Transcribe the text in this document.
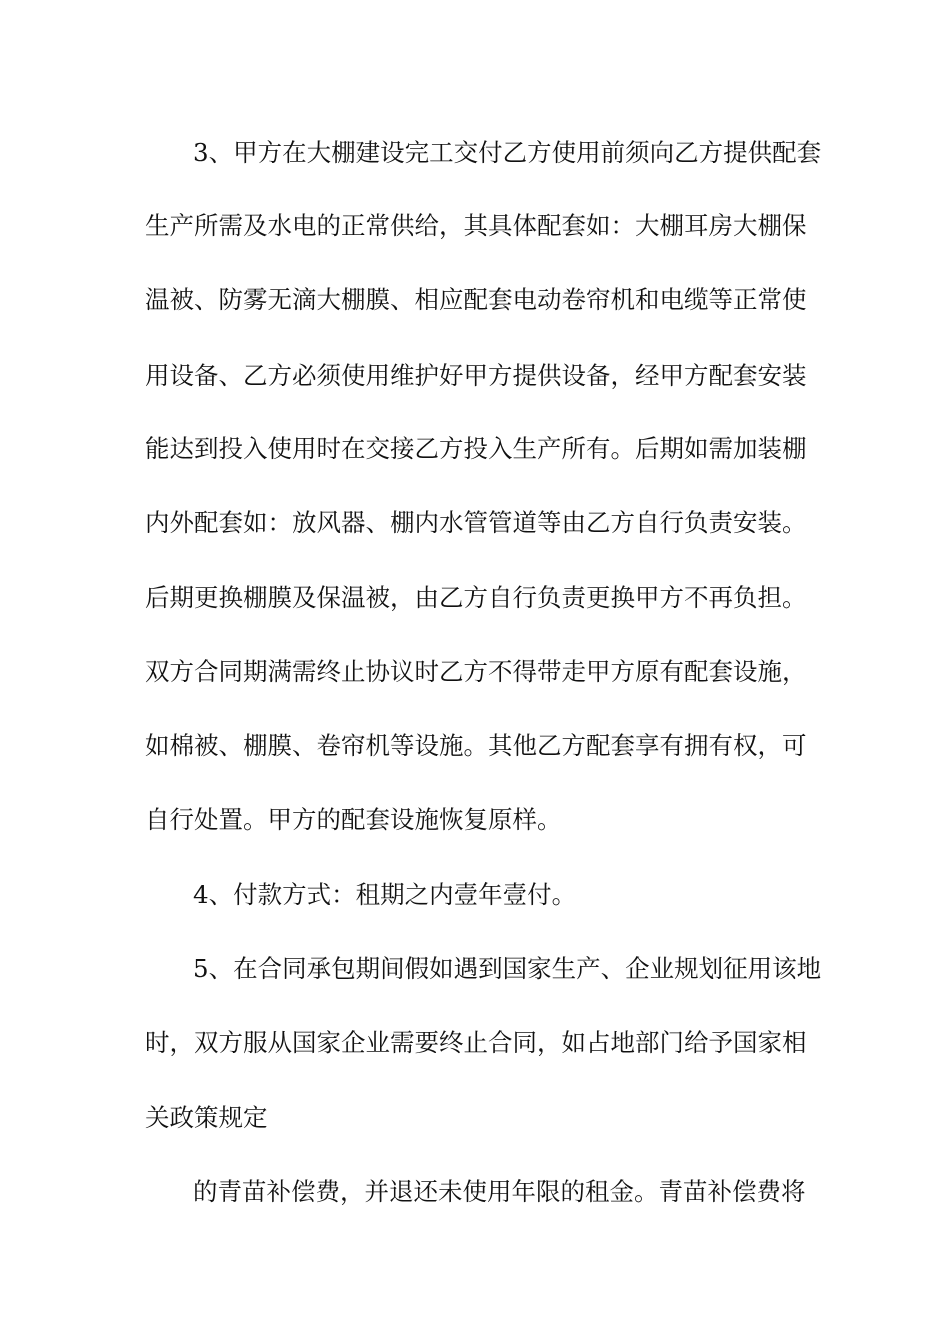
3、甲方在大棚建设完工交付乙方使用前须向乙方提供配套
生产所需及水电的正常供给，其具体配套如：大棚耳房大棚保
温被、防雾无滴大棚膜、相应配套电动卷帘机和电缆等正常使
用设备、乙方必须使用维护好甲方提供设备，经甲方配套安装
能达到投入使用时在交接乙方投入生产所有。后期如需加装棚
内外配套如：放风器、棚内水管管道等由乙方自行负责安装。
后期更换棚膜及保温被，由乙方自行负责更换甲方不再负担。
双方合同期满需终止协议时乙方不得带走甲方原有配套设施，
如棉被、棚膜、卷帘机等设施。其他乙方配套享有拥有权，可
自行处置。甲方的配套设施恢复原样。
4、付款方式：租期之内壹年壹付。
5、在合同承包期间假如遇到国家生产、企业规划征用该地
时，双方服从国家企业需要终止合同，如占地部门给予国家相
关政策规定
的青苗补偿费，并退还未使用年限的租金。青苗补偿费将
